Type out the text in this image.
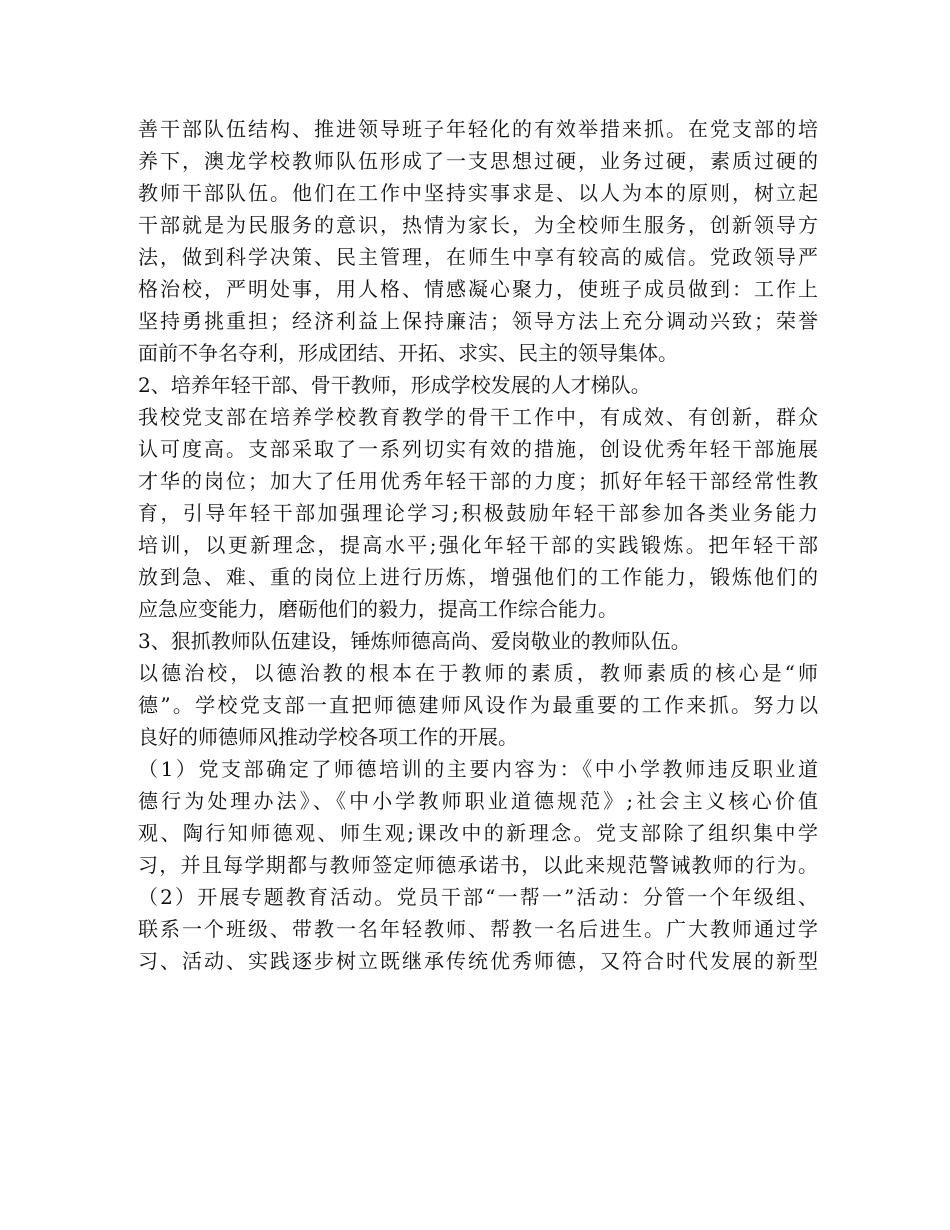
善干部队伍结构、推进领导班子年轻化的有效举措来抓。在党支部的培
养下，澳龙学校教师队伍形成了一支思想过硬，业务过硬，素质过硬的
教师干部队伍。他们在工作中坚持实事求是、以人为本的原则，树立起
干部就是为民服务的意识，热情为家长，为全校师生服务，创新领导方
法，做到科学决策、民主管理，在师生中享有较高的威信。党政领导严
格治校，严明处事，用人格、情感凝心聚力，使班子成员做到：工作上
坚持勇挑重担；经济利益上保持廉洁；领导方法上充分调动兴致；荣誉
面前不争名夺利，形成团结、开拓、求实、民主的领导集体。
2、培养年轻干部、骨干教师，形成学校发展的人才梯队。
我校党支部在培养学校教育教学的骨干工作中，有成效、有创新，群众
认可度高。支部采取了一系列切实有效的措施，创设优秀年轻干部施展
才华的岗位；加大了任用优秀年轻干部的力度；抓好年轻干部经常性教
育，引导年轻干部加强理论学习;积极鼓励年轻干部参加各类业务能力
培训，以更新理念，提高水平;强化年轻干部的实践锻炼。把年轻干部
放到急、难、重的岗位上进行历炼，增强他们的工作能力，锻炼他们的
应急应变能力，磨砺他们的毅力，提高工作综合能力。
3、狠抓教师队伍建设，锤炼师德高尚、爱岗敬业的教师队伍。
以德治校，以德治教的根本在于教师的素质，教师素质的核心是“师
德”。学校党支部一直把师德建师风设作为最重要的工作来抓。努力以
良好的师德师风推动学校各项工作的开展。
（1）党支部确定了师德培训的主要内容为：《中小学教师违反职业道
德行为处理办法》、《中小学教师职业道德规范》;社会主义核心价值
观、陶行知师德观、师生观;课改中的新理念。党支部除了组织集中学
习，并且每学期都与教师签定师德承诺书，以此来规范警诫教师的行为。
（2）开展专题教育活动。党员干部“一帮一”活动：分管一个年级组、
联系一个班级、带教一名年轻教师、帮教一名后进生。广大教师通过学
习、活动、实践逐步树立既继承传统优秀师德，又符合时代发展的新型
